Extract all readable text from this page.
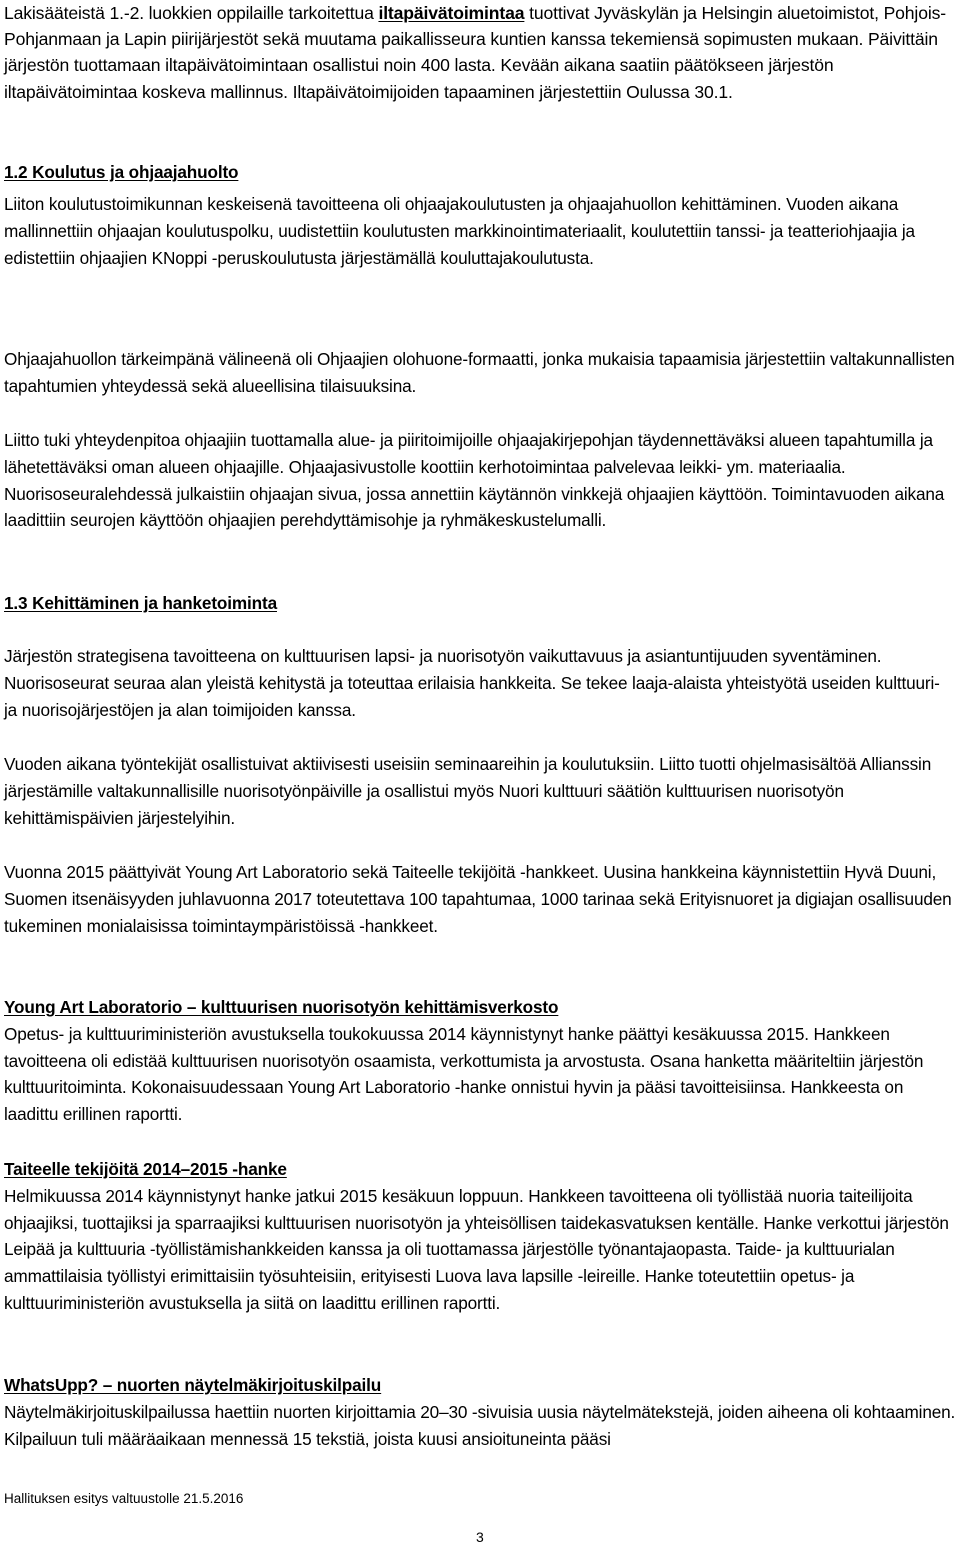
Lakisääteistä 1.-2. luokkien oppilaille tarkoitettua iltapäivätoimintaa tuottivat Jyväskylän ja Helsingin aluetoimistot, Pohjois-Pohjanmaan ja Lapin piirijärjestöt sekä muutama paikallisseura kuntien kanssa tekemiensä sopimusten mukaan. Päivittäin järjestön tuottamaan iltapäivätoimintaan osallistui noin 400 lasta. Kevään aikana saatiin päätökseen järjestön iltapäivätoimintaa koskeva mallinnus. Iltapäivätoimijoiden tapaaminen järjestettiin Oulussa 30.1.

1.2 Koulutus ja ohjaajahuolto

Liiton koulutustoimikunnan keskeisenä tavoitteena oli ohjaajakoulutusten ja ohjaajahuollon kehittäminen. Vuoden aikana mallinnettiin ohjaajan koulutuspolku, uudistettiin koulutusten markkinointimateriaalit, koulutettiin tanssi- ja teatteriohjaajia ja edistettiin ohjaajien KNoppi -peruskoulutusta järjestämällä kouluttajakoulutusta.

Ohjaajahuollon tärkeimpänä välineenä oli Ohjaajien olohuone-formaatti, jonka mukaisia tapaamisia järjestettiin valtakunnallisten tapahtumien yhteydessä sekä alueellisina tilaisuuksina.

Liitto tuki yhteydenpitoa ohjaajiin tuottamalla alue- ja piiritoimijoille ohjaajakirjepohjan täydennettäväksi alueen tapahtumilla ja lähetettäväksi oman alueen ohjaajille. Ohjaajasivustolle koottiin kerhotoimintaa palvelevaa leikki- ym. materiaalia. Nuorisoseuralehdessä julkaistiin ohjaajan sivua, jossa annettiin käytännön vinkkejä ohjaajien käyttöön. Toimintavuoden aikana laadittiin seurojen käyttöön ohjaajien perehdyttämisohje ja ryhmäkeskustelumalli.

1.3 Kehittäminen ja hanketoiminta

Järjestön strategisena tavoitteena on kulttuurisen lapsi- ja nuorisotyön vaikuttavuus ja asiantuntijuuden syventäminen. Nuorisoseurat seuraa alan yleistä kehitystä ja toteuttaa erilaisia hankkeita. Se tekee laaja-alaista yhteistyötä useiden kulttuuri- ja nuorisojärjestöjen ja alan toimijoiden kanssa.

Vuoden aikana työntekijät osallistuivat aktiivisesti useisiin seminaareihin ja koulutuksiin. Liitto tuotti ohjelmasisältöä Allianssin järjestämille valtakunnallisille nuorisotyönpäiville ja osallistui myös Nuori kulttuuri säätiön kulttuurisen nuorisotyön kehittämispäivien järjestelyihin.

Vuonna 2015 päättyivät Young Art Laboratorio sekä Taiteelle tekijöitä -hankkeet. Uusina hankkeina käynnistettiin Hyvä Duuni, Suomen itsenäisyyden juhlavuonna 2017 toteutettava 100 tapahtumaa, 1000 tarinaa sekä Erityisnuoret ja digiajan osallisuuden tukeminen monialaisissa toimintaympäristöissä -hankkeet.

Young Art Laboratorio – kulttuurisen nuorisotyön kehittämisverkosto
Opetus- ja kulttuuriministeriön avustuksella toukokuussa 2014 käynnistynyt hanke päättyi kesäkuussa 2015. Hankkeen tavoitteena oli edistää kulttuurisen nuorisotyön osaamista, verkottumista ja arvostusta. Osana hanketta määriteltiin järjestön kulttuuritoiminta. Kokonaisuudessaan Young Art Laboratorio -hanke onnistui hyvin ja pääsi tavoitteisiinsa. Hankkeesta on laadittu erillinen raportti.

Taiteelle tekijöitä 2014–2015 -hanke
Helmikuussa 2014 käynnistynyt hanke jatkui 2015 kesäkuun loppuun. Hankkeen tavoitteena oli työllistää nuoria taiteilijoita ohjaajiksi, tuottajiksi ja sparraajiksi kulttuurisen nuorisotyön ja yhteisöllisen taidekasvatuksen kentälle. Hanke verkottui järjestön Leipää ja kulttuuria -työllistämishankkeiden kanssa ja oli tuottamassa järjestölle työnantajaopasta. Taide- ja kulttuurialan ammattilaisia työllistyi erimittaisiin työsuhteisiin, erityisesti Luova lava lapsille -leireille. Hanke toteutettiin opetus- ja kulttuuriministeriön avustuksella ja siitä on laadittu erillinen raportti.

WhatsUpp? – nuorten näytelmäkirjoituskilpailu
Näytelmäkirjoituskilpailussa haettiin nuorten kirjoittamia 20–30 -sivuisia uusia näytelmätekstejä, joiden aiheena oli kohtaaminen. Kilpailuun tuli määräaikaan mennessä 15 tekstiä, joista kuusi ansioituneinta pääsi

Hallituksen esitys valtuustolle 21.5.2016
3
